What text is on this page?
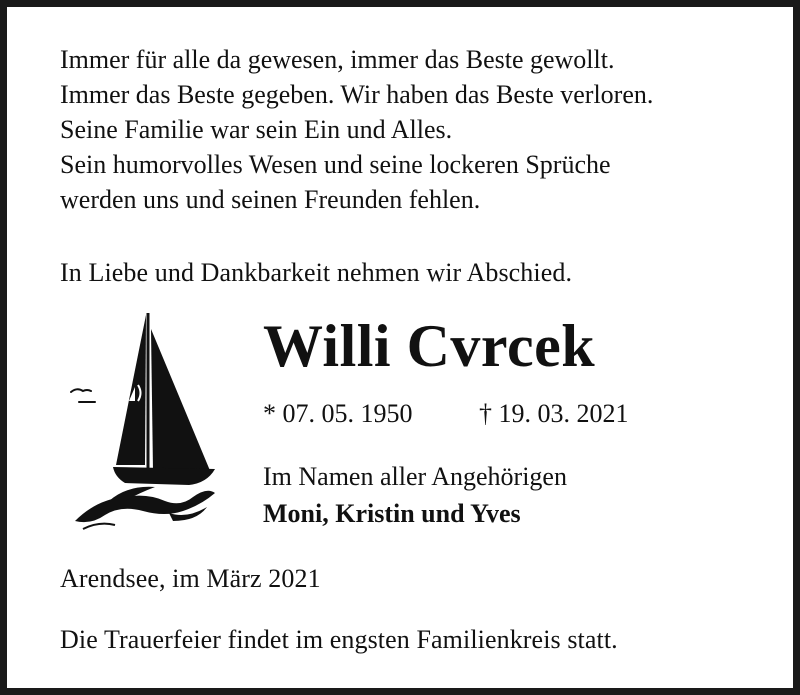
Immer für alle da gewesen, immer das Beste gewollt.
Immer das Beste gegeben. Wir haben das Beste verloren.
Seine Familie war sein Ein und Alles.
Sein humorvolles Wesen und seine lockeren Sprüche
werden uns und seinen Freunden fehlen.
In Liebe und Dankbarkeit nehmen wir Abschied.
Willi Cvrcek
* 07. 05. 1950	† 19. 03. 2021
Im Namen aller Angehörigen
Moni, Kristin und Yves
Arendsee, im März 2021
Die Trauerfeier findet im engsten Familienkreis statt.
